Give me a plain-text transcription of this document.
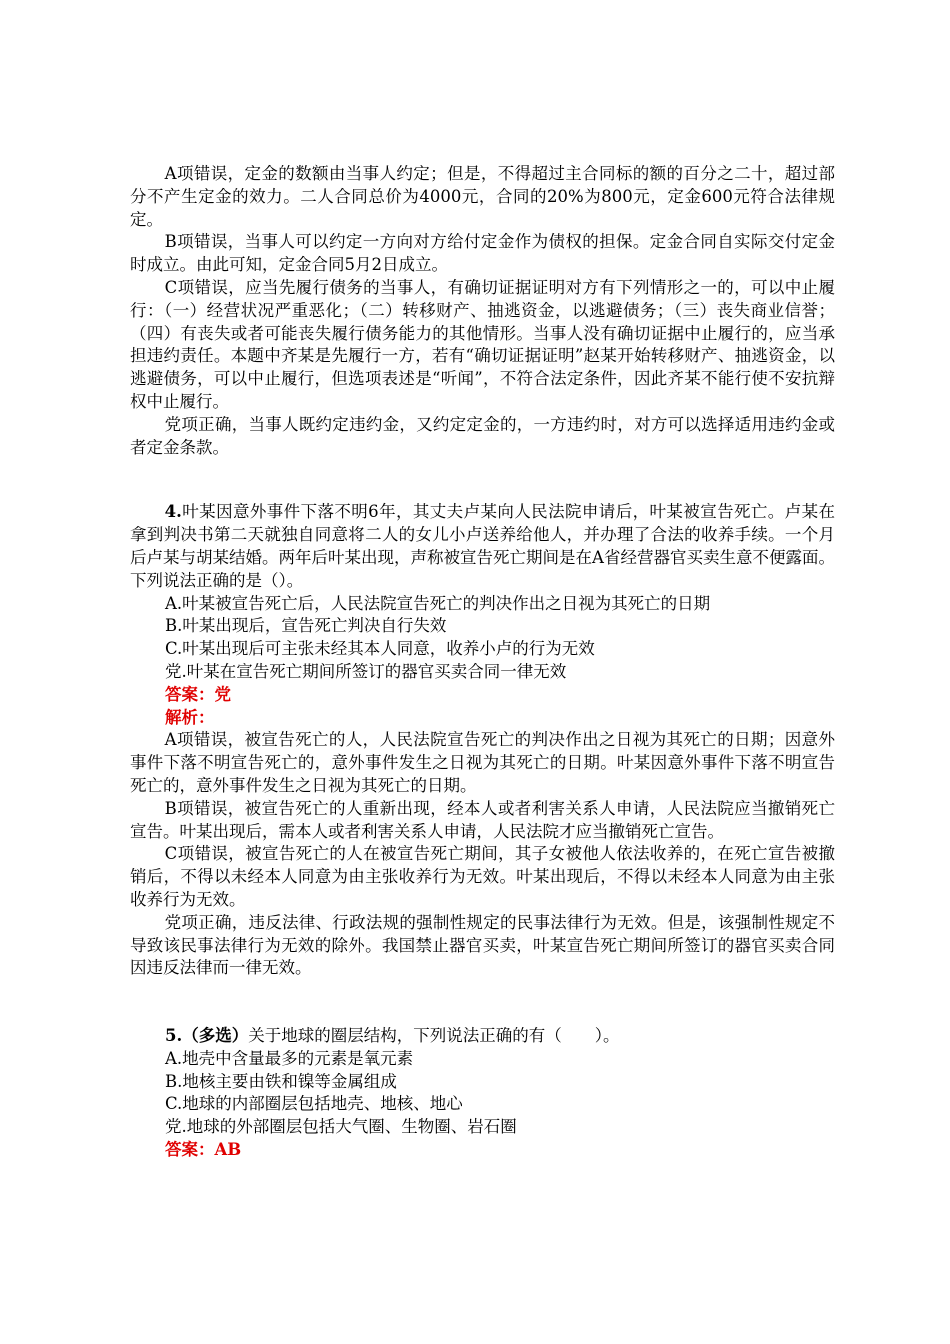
A项错误，定金的数额由当事人约定；但是，不得超过主合同标的额的百分之二十，超过部分不产生定金的效力。二人合同总价为4000元，合同的20%为800元，定金600元符合法律规定。

B项错误，当事人可以约定一方向对方给付定金作为债权的担保。定金合同自实际交付定金时成立。由此可知，定金合同5月2日成立。

C项错误，应当先履行债务的当事人，有确切证据证明对方有下列情形之一的，可以中止履行：（一）经营状况严重恶化；（二）转移财产、抽逃资金，以逃避债务；（三）丧失商业信誉；（四）有丧失或者可能丧失履行债务能力的其他情形。当事人没有确切证据中止履行的，应当承担违约责任。本题中齐某是先履行一方，若有“确切证据证明”赵某开始转移财产、抽逃资金，以逃避债务，可以中止履行，但选项表述是“听闻”，不符合法定条件，因此齐某不能行使不安抗辩权中止履行。

党项正确，当事人既约定违约金，又约定定金的，一方违约时，对方可以选择适用违约金或者定金条款。

4.叶某因意外事件下落不明6年，其丈夫卢某向人民法院申请后，叶某被宣告死亡。卢某在拿到判决书第二天就独自同意将二人的女儿小卢送养给他人，并办理了合法的收养手续。一个月后卢某与胡某结婚。两年后叶某出现，声称被宣告死亡期间是在A省经营器官买卖生意不便露面。下列说法正确的是（）。

A.叶某被宣告死亡后，人民法院宣告死亡的判决作出之日视为其死亡的日期

B.叶某出现后，宣告死亡判决自行失效

C.叶某出现后可主张未经其本人同意，收养小卢的行为无效

党.叶某在宣告死亡期间所签订的器官买卖合同一律无效

答案：党

解析：

A项错误，被宣告死亡的人，人民法院宣告死亡的判决作出之日视为其死亡的日期；因意外事件下落不明宣告死亡的，意外事件发生之日视为其死亡的日期。叶某因意外事件下落不明宣告死亡的，意外事件发生之日视为其死亡的日期。

B项错误，被宣告死亡的人重新出现，经本人或者利害关系人申请，人民法院应当撤销死亡宣告。叶某出现后，需本人或者利害关系人申请，人民法院才应当撤销死亡宣告。

C项错误，被宣告死亡的人在被宣告死亡期间，其子女被他人依法收养的，在死亡宣告被撤销后，不得以未经本人同意为由主张收养行为无效。叶某出现后，不得以未经本人同意为由主张收养行为无效。

党项正确，违反法律、行政法规的强制性规定的民事法律行为无效。但是，该强制性规定不导致该民事法律行为无效的除外。我国禁止器官买卖，叶某宣告死亡期间所签订的器官买卖合同因违反法律而一律无效。

5.（多选）关于地球的圈层结构，下列说法正确的有（　　）。

A.地壳中含量最多的元素是氧元素

B.地核主要由铁和镍等金属组成

C.地球的内部圈层包括地壳、地核、地心

党.地球的外部圈层包括大气圈、生物圈、岩石圈

答案：AB
